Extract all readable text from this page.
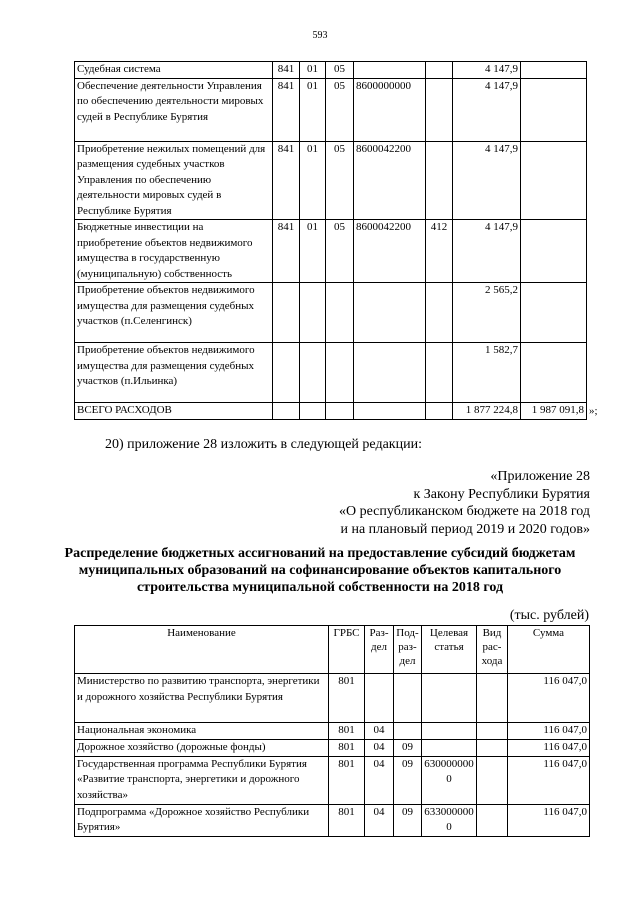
593
Судебная система	841	01	05			4 147,9	
Обеспечение деятельности Управления по обеспечению деятельности мировых судей в Республике Бурятия	841	01	05	8600000000		4 147,9	
Приобретение нежилых помещений для размещения судебных участков Управления по обеспечению деятельности мировых судей в Республике Бурятия	841	01	05	8600042200		4 147,9	
Бюджетные инвестиции на приобретение объектов недвижимого имущества в государственную (муниципальную) собственность	841	01	05	8600042200	412	4 147,9	
Приобретение объектов недвижимого имущества для размещения судебных участков (п.Селенгинск)						2 565,2	
Приобретение объектов недвижимого имущества для размещения судебных участков (п.Ильинка)						1 582,7	
ВСЕГО РАСХОДОВ						1 877 224,8	1 987 091,8 »;
20) приложение 28 изложить в следующей редакции:
«Приложение 28
к Закону Республики Бурятия
«О республиканском бюджете на 2018 год
и на плановый период 2019 и 2020 годов»
Распределение бюджетных ассигнований на предоставление субсидий бюджетам муниципальных образований на софинансирование объектов капитального строительства муниципальной собственности на 2018 год
(тыс. рублей)
Наименование	ГРБС	Раз-дел	Под-раз-дел	Целевая статья	Вид рас-хода	Сумма
Министерство по развитию транспорта, энергетики и дорожного хозяйства Республики Бурятия	801					116 047,0
Национальная экономика	801	04				116 047,0
Дорожное хозяйство (дорожные фонды)	801	04	09			116 047,0
Государственная программа Республики Бурятия «Развитие транспорта, энергетики и дорожного хозяйства»	801	04	09	6300000000		116 047,0
Подпрограмма «Дорожное хозяйство Республики Бурятия»	801	04	09	6330000000		116 047,0
